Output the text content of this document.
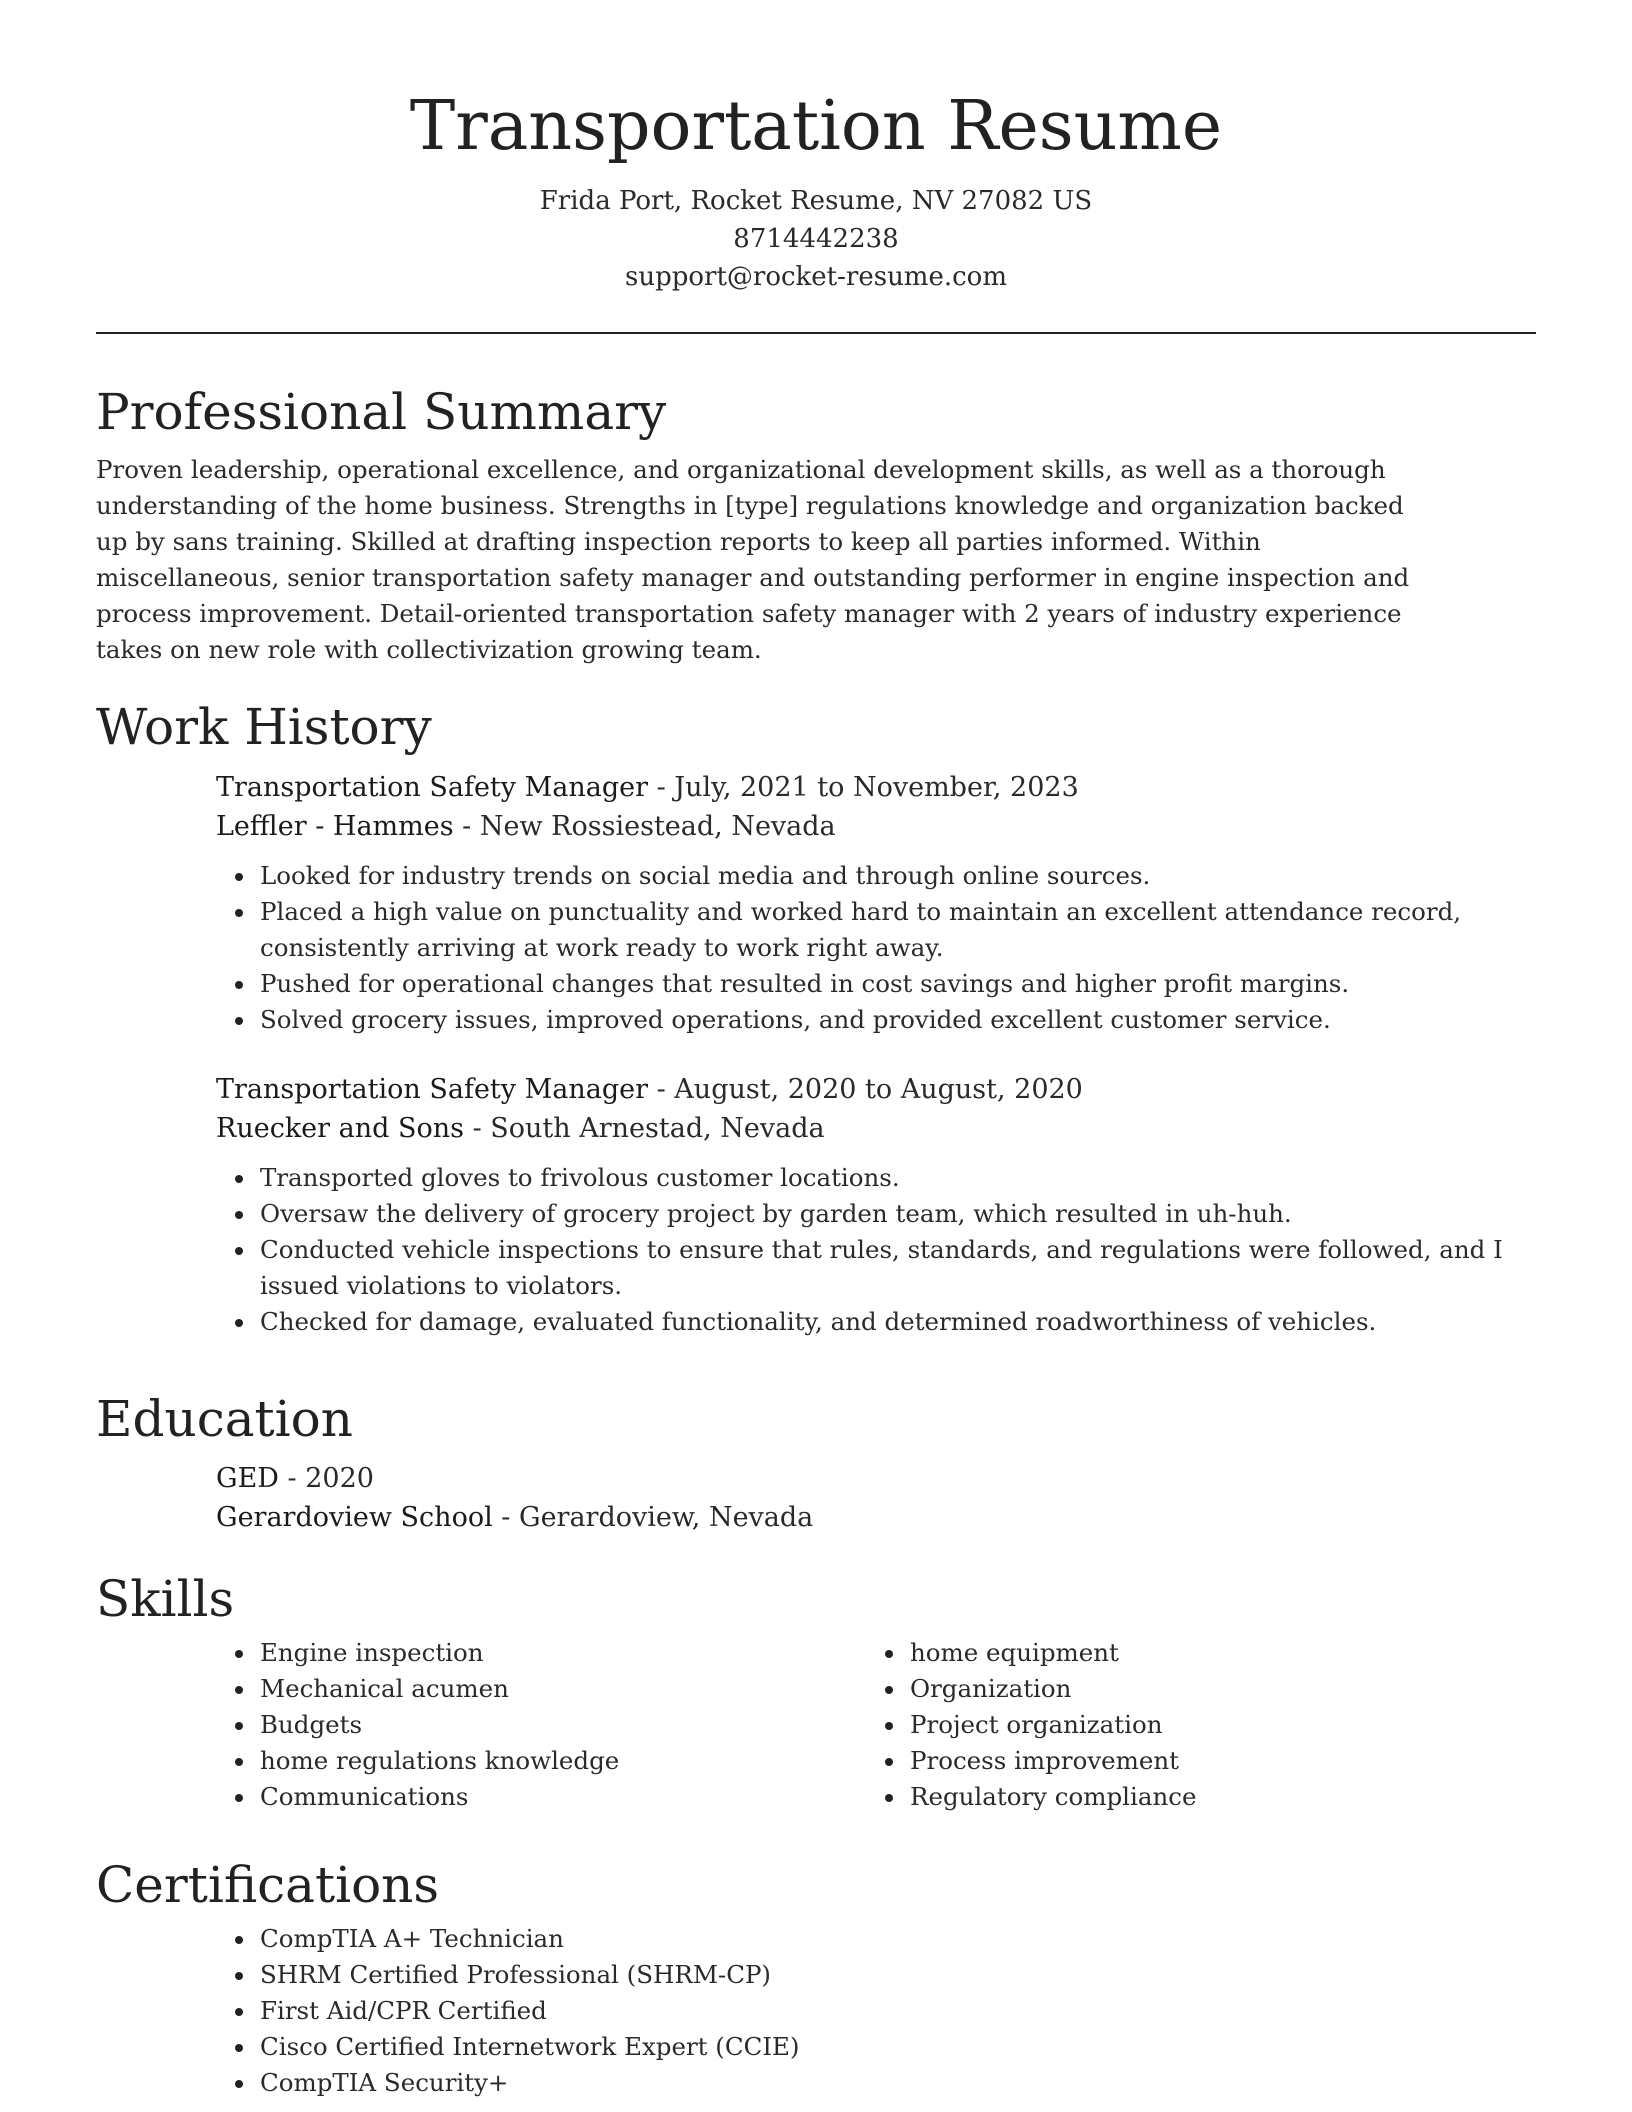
Transportation Resume
Frida Port, Rocket Resume, NV 27082 US
8714442238
support@rocket-resume.com
Professional Summary

Proven leadership, operational excellence, and organizational development skills, as well as a thorough understanding of the home business. Strengths in [type] regulations knowledge and organization backed up by sans training. Skilled at drafting inspection reports to keep all parties informed. Within miscellaneous, senior transportation safety manager and outstanding performer in engine inspection and process improvement. Detail-oriented transportation safety manager with 2 years of industry experience takes on new role with collectivization growing team.

Work History
Transportation Safety Manager - July, 2021 to November, 2023
Leffler - Hammes - New Rossiestead, Nevada
Looked for industry trends on social media and through online sources.
Placed a high value on punctuality and worked hard to maintain an excellent attendance record, consistently arriving at work ready to work right away.
Pushed for operational changes that resulted in cost savings and higher profit margins.
Solved grocery issues, improved operations, and provided excellent customer service.
Transportation Safety Manager - August, 2020 to August, 2020
Ruecker and Sons - South Arnestad, Nevada
Transported gloves to frivolous customer locations.
Oversaw the delivery of grocery project by garden team, which resulted in uh-huh.
Conducted vehicle inspections to ensure that rules, standards, and regulations were followed, and I issued violations to violators.
Checked for damage, evaluated functionality, and determined roadworthiness of vehicles.
Education
GED - 2020
Gerardoview School - Gerardoview, Nevada
Skills
Engine inspection
Mechanical acumen
Budgets
home regulations knowledge
Communications
home equipment
Organization
Project organization
Process improvement
Regulatory compliance
Certifications
CompTIA A+ Technician
SHRM Certified Professional (SHRM-CP)
First Aid/CPR Certified
Cisco Certified Internetwork Expert (CCIE)
CompTIA Security+
